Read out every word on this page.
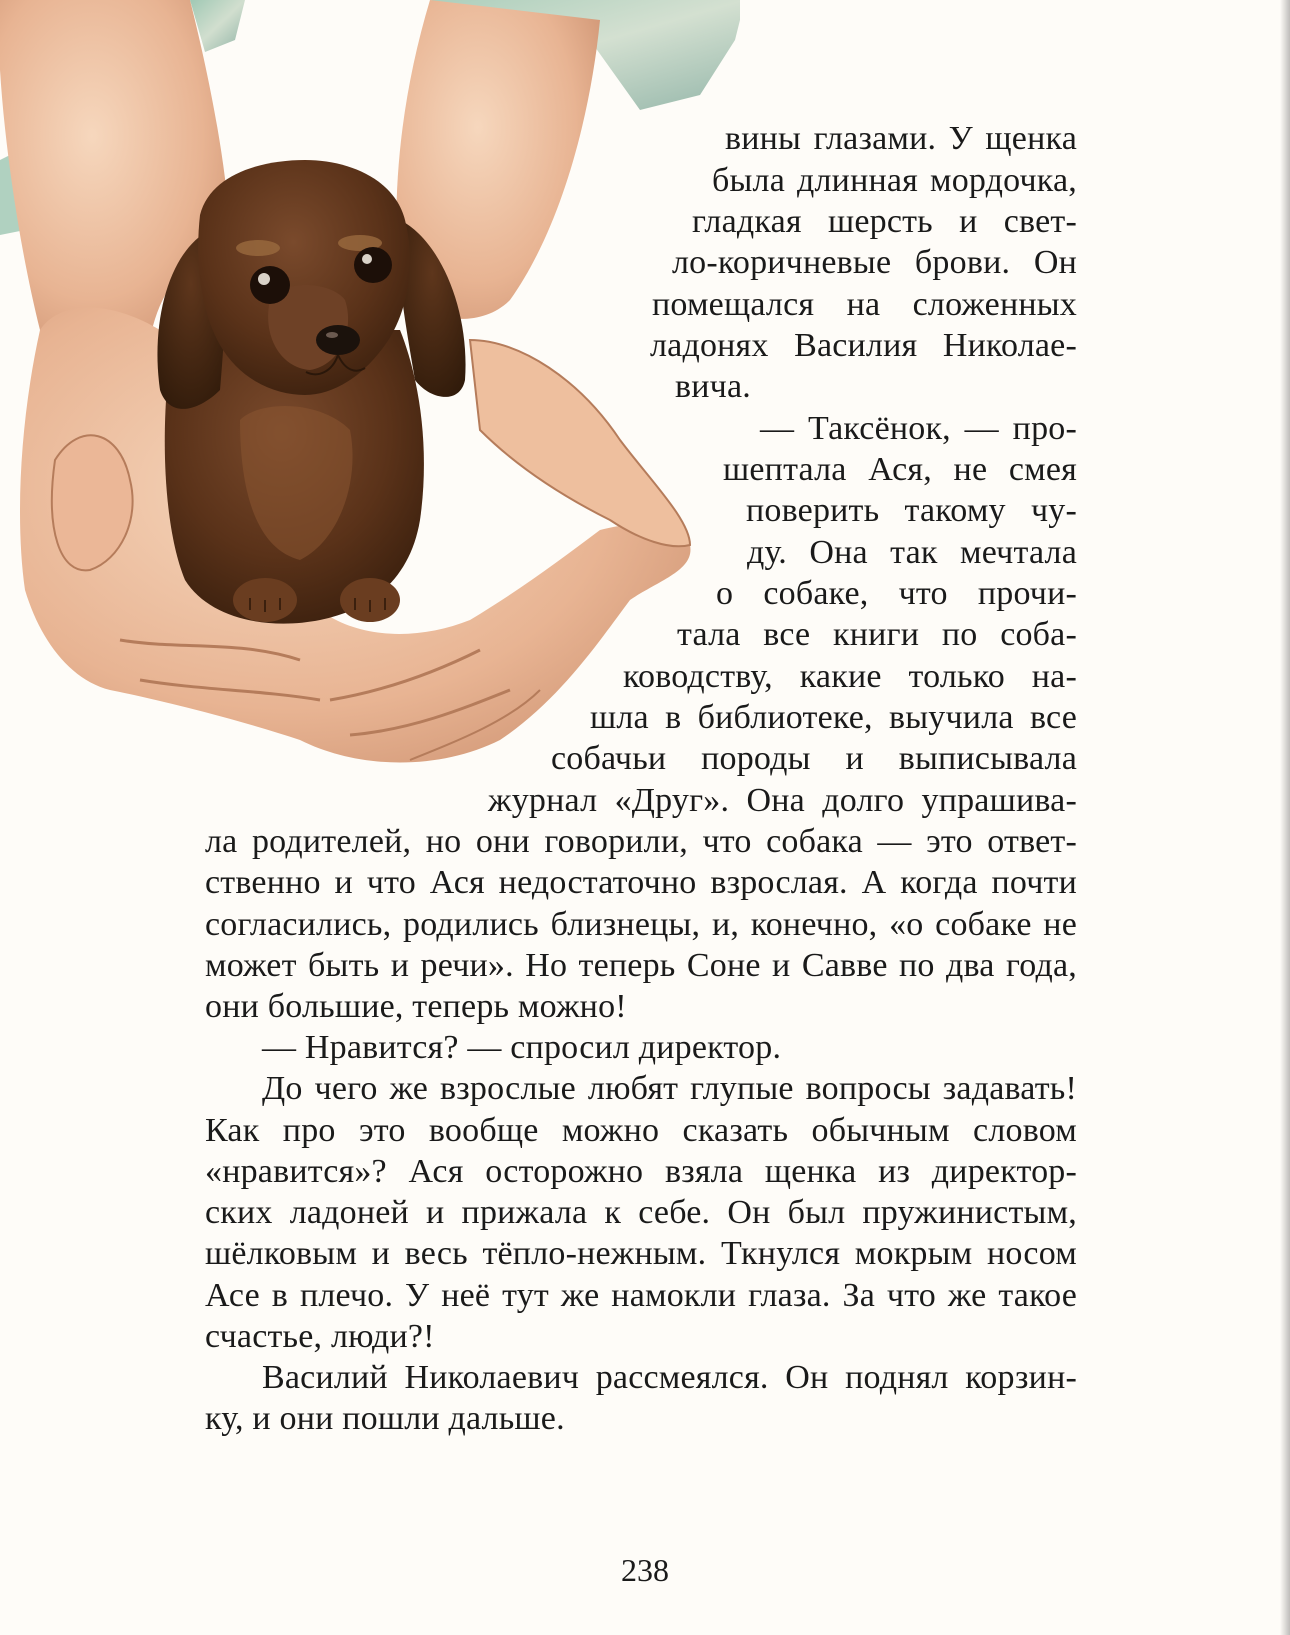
вины глазами. У щенка
была длинная мордочка,
гладкая шерсть и свет-
ло-коричневые брови. Он
помещался на сложенных
ладонях Василия Николае-
вича.
— Таксёнок, — про-
шептала Ася, не смея
поверить такому чу-
ду. Она так мечтала
о собаке, что прочи-
тала все книги по соба-
ководству, какие только на-
шла в библиотеке, выучила все
собачьи породы и выписывала
журнал «Друг». Она долго упрашива-
ла родителей, но они говорили, что собака — это ответ-
ственно и что Ася недостаточно взрослая. А когда почти
согласились, родились близнецы, и, конечно, «о собаке не
может быть и речи». Но теперь Соне и Савве по два года,
они большие, теперь можно!
— Нравится? — спросил директор.
До чего же взрослые любят глупые вопросы задавать!
Как про это вообще можно сказать обычным словом
«нравится»? Ася осторожно взяла щенка из директор-
ских ладоней и прижала к себе. Он был пружинистым,
шёлковым и весь тёпло-нежным. Ткнулся мокрым носом
Асе в плечо. У неё тут же намокли глаза. За что же такое
счастье, люди?!
Василий Николаевич рассмеялся. Он поднял корзин-
ку, и они пошли дальше.
238
